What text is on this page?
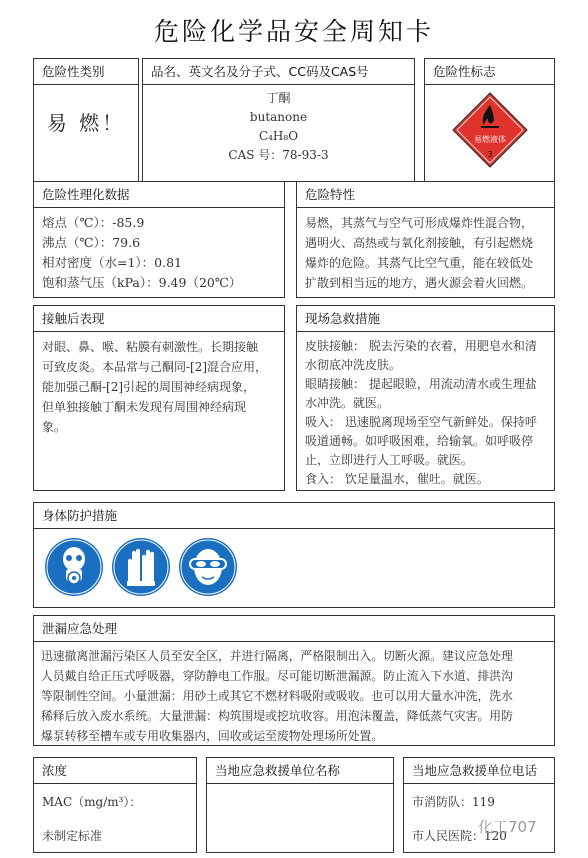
危险化学品安全周知卡
危险性类别
易 燃！
品名、英文名及分子式、CC码及CAS号
丁酮
butanone
C₄H₈O
CAS 号：78-93-3
危险性标志
易燃液体
3
危险性理化数据
熔点（℃）：-85.9
沸点（℃）：79.6
相对密度（水=1）：0.81
饱和蒸气压（kPa）：9.49（20℃）
危险特性
易燃，其蒸气与空气可形成爆炸性混合物，
遇明火、高热或与氧化剂接触，有引起燃烧
爆炸的危险。其蒸气比空气重，能在较低处
扩散到相当远的地方，遇火源会着火回燃。
接触后表现
对眼、鼻、喉、粘膜有刺激性。长期接触
可致皮炎。本品常与己酮同-[2]混合应用，
能加强己酮-[2]引起的周围神经病现象，
但单独接触丁酮未发现有周围神经病现
象。
现场急救措施
皮肤接触： 脱去污染的衣着，用肥皂水和清
水彻底冲洗皮肤。
眼睛接触： 提起眼睑，用流动清水或生理盐
水冲洗。就医。
吸入： 迅速脱离现场至空气新鲜处。保持呼
吸道通畅。如呼吸困难，给输氧。如呼吸停
止，立即进行人工呼吸。就医。
食入： 饮足量温水，催吐。就医。
身体防护措施
泄漏应急处理
迅速撤离泄漏污染区人员至安全区，并进行隔离，严格限制出入。切断火源。建议应急处理
人员戴自给正压式呼吸器，穿防静电工作服。尽可能切断泄漏源。防止流入下水道、排洪沟
等限制性空间。小量泄漏：用砂土或其它不燃材料吸附或吸收。也可以用大量水冲洗，洗水
稀释后放入废水系统。大量泄漏：构筑围堤或挖坑收容。用泡沫覆盖，降低蒸气灾害。用防
爆泵转移至槽车或专用收集器内，回收或运至废物处理场所处置。
浓度
MAC（mg/m³）：
未制定标准
当地应急救援单位名称	当地应急救援单位电话
市消防队：119
市人民医院：120
化工707
